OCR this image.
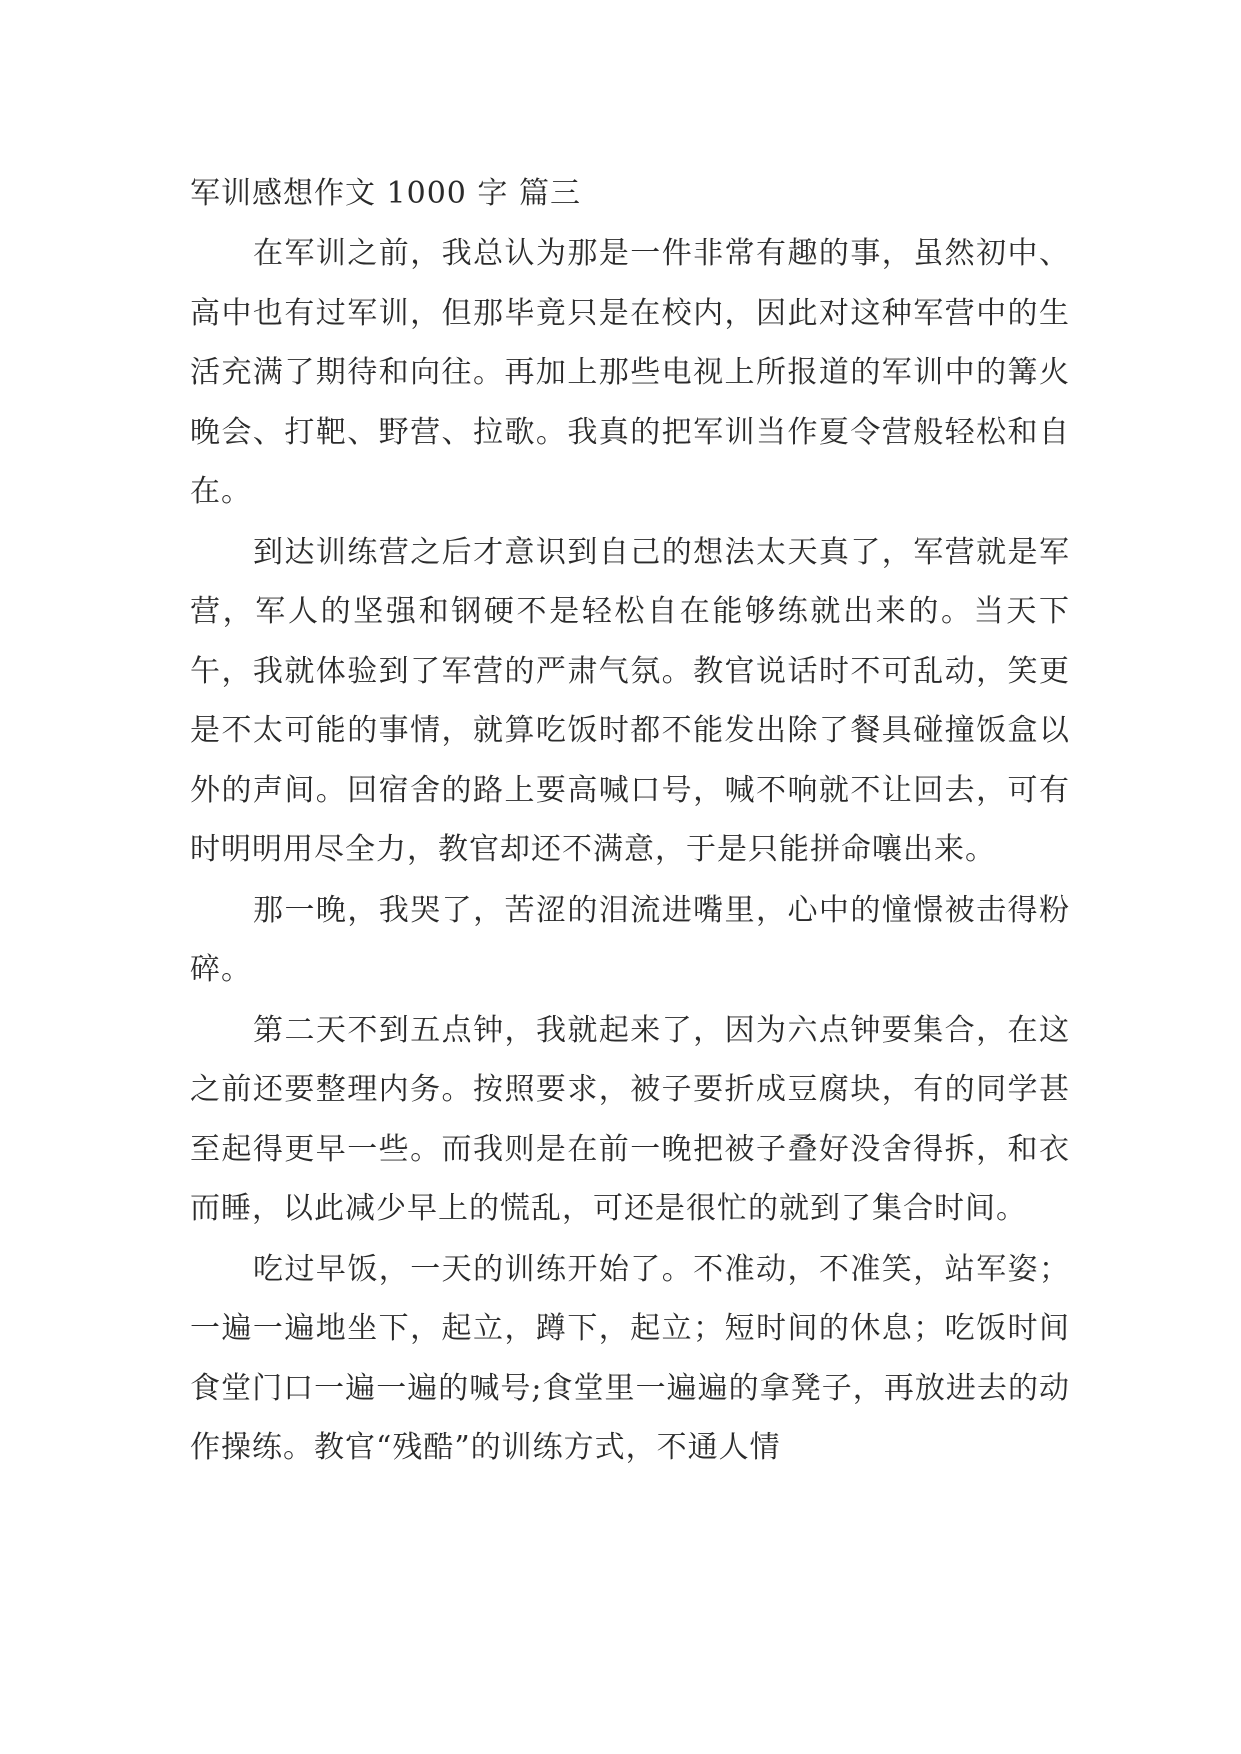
军训感想作文 1000 字 篇三

在军训之前，我总认为那是一件非常有趣的事，虽然初中、高中也有过军训，但那毕竟只是在校内，因此对这种军营中的生活充满了期待和向往。再加上那些电视上所报道的军训中的篝火晚会、打靶、野营、拉歌。我真的把军训当作夏令营般轻松和自在。

到达训练营之后才意识到自己的想法太天真了，军营就是军营，军人的坚强和钢硬不是轻松自在能够练就出来的。当天下午，我就体验到了军营的严肃气氛。教官说话时不可乱动，笑更是不太可能的事情，就算吃饭时都不能发出除了餐具碰撞饭盒以外的声间。回宿舍的路上要高喊口号，喊不响就不让回去，可有时明明用尽全力，教官却还不满意，于是只能拼命嚷出来。

那一晚，我哭了，苦涩的泪流进嘴里，心中的憧憬被击得粉碎。

第二天不到五点钟，我就起来了，因为六点钟要集合，在这之前还要整理内务。按照要求，被子要折成豆腐块，有的同学甚至起得更早一些。而我则是在前一晚把被子叠好没舍得拆，和衣而睡，以此减少早上的慌乱，可还是很忙的就到了集合时间。

吃过早饭，一天的训练开始了。不准动，不准笑，站军姿；一遍一遍地坐下，起立，蹲下，起立；短时间的休息；吃饭时间食堂门口一遍一遍的喊号;食堂里一遍遍的拿凳子，再放进去的动作操练。教官“残酷”的训练方式，不通人情
